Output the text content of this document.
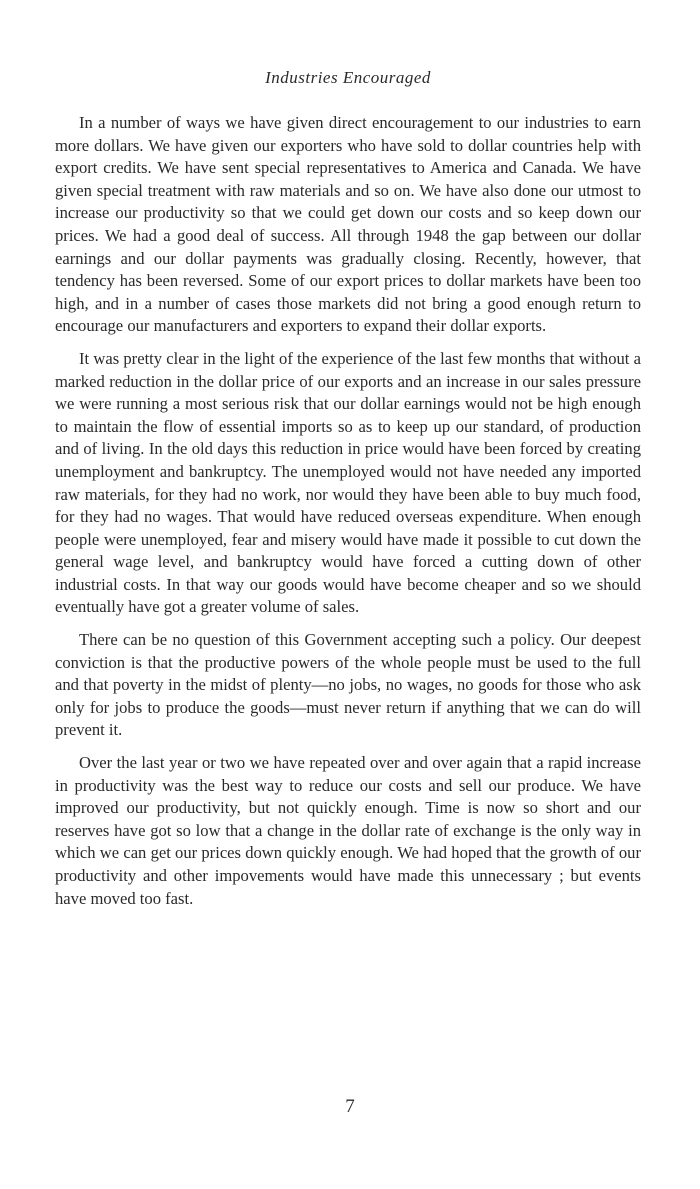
Industries Encouraged

In a number of ways we have given direct encouragement to our industries to earn more dollars. We have given our exporters who have sold to dollar countries help with export credits. We have sent special representatives to America and Canada. We have given special treatment with raw materials and so on. We have also done our utmost to increase our productivity so that we could get down our costs and so keep down our prices. We had a good deal of success. All through 1948 the gap between our dollar earnings and our dollar payments was gradually closing. Recently, however, that tendency has been reversed. Some of our export prices to dollar markets have been too high, and in a number of cases those markets did not bring a good enough return to encourage our manufacturers and exporters to expand their dollar exports.

It was pretty clear in the light of the experience of the last few months that without a marked reduction in the dollar price of our exports and an increase in our sales pressure we were running a most serious risk that our dollar earnings would not be high enough to maintain the flow of essential imports so as to keep up our standard, of production and of living. In the old days this reduction in price would have been forced by creating unemployment and bankruptcy. The unemployed would not have needed any imported raw materials, for they had no work, nor would they have been able to buy much food, for they had no wages. That would have reduced overseas expenditure. When enough people were unemployed, fear and misery would have made it possible to cut down the general wage level, and bankruptcy would have forced a cutting down of other industrial costs. In that way our goods would have become cheaper and so we should eventually have got a greater volume of sales.

There can be no question of this Government accepting such a policy. Our deepest conviction is that the productive powers of the whole people must be used to the full and that poverty in the midst of plenty—no jobs, no wages, no goods for those who ask only for jobs to produce the goods—must never return if anything that we can do will prevent it.

Over the last year or two we have repeated over and over again that a rapid increase in productivity was the best way to reduce our costs and sell our produce. We have improved our productivity, but not quickly enough. Time is now so short and our reserves have got so low that a change in the dollar rate of exchange is the only way in which we can get our prices down quickly enough. We had hoped that the growth of our productivity and other impovements would have made this unnecessary ; but events have moved too fast.

7
